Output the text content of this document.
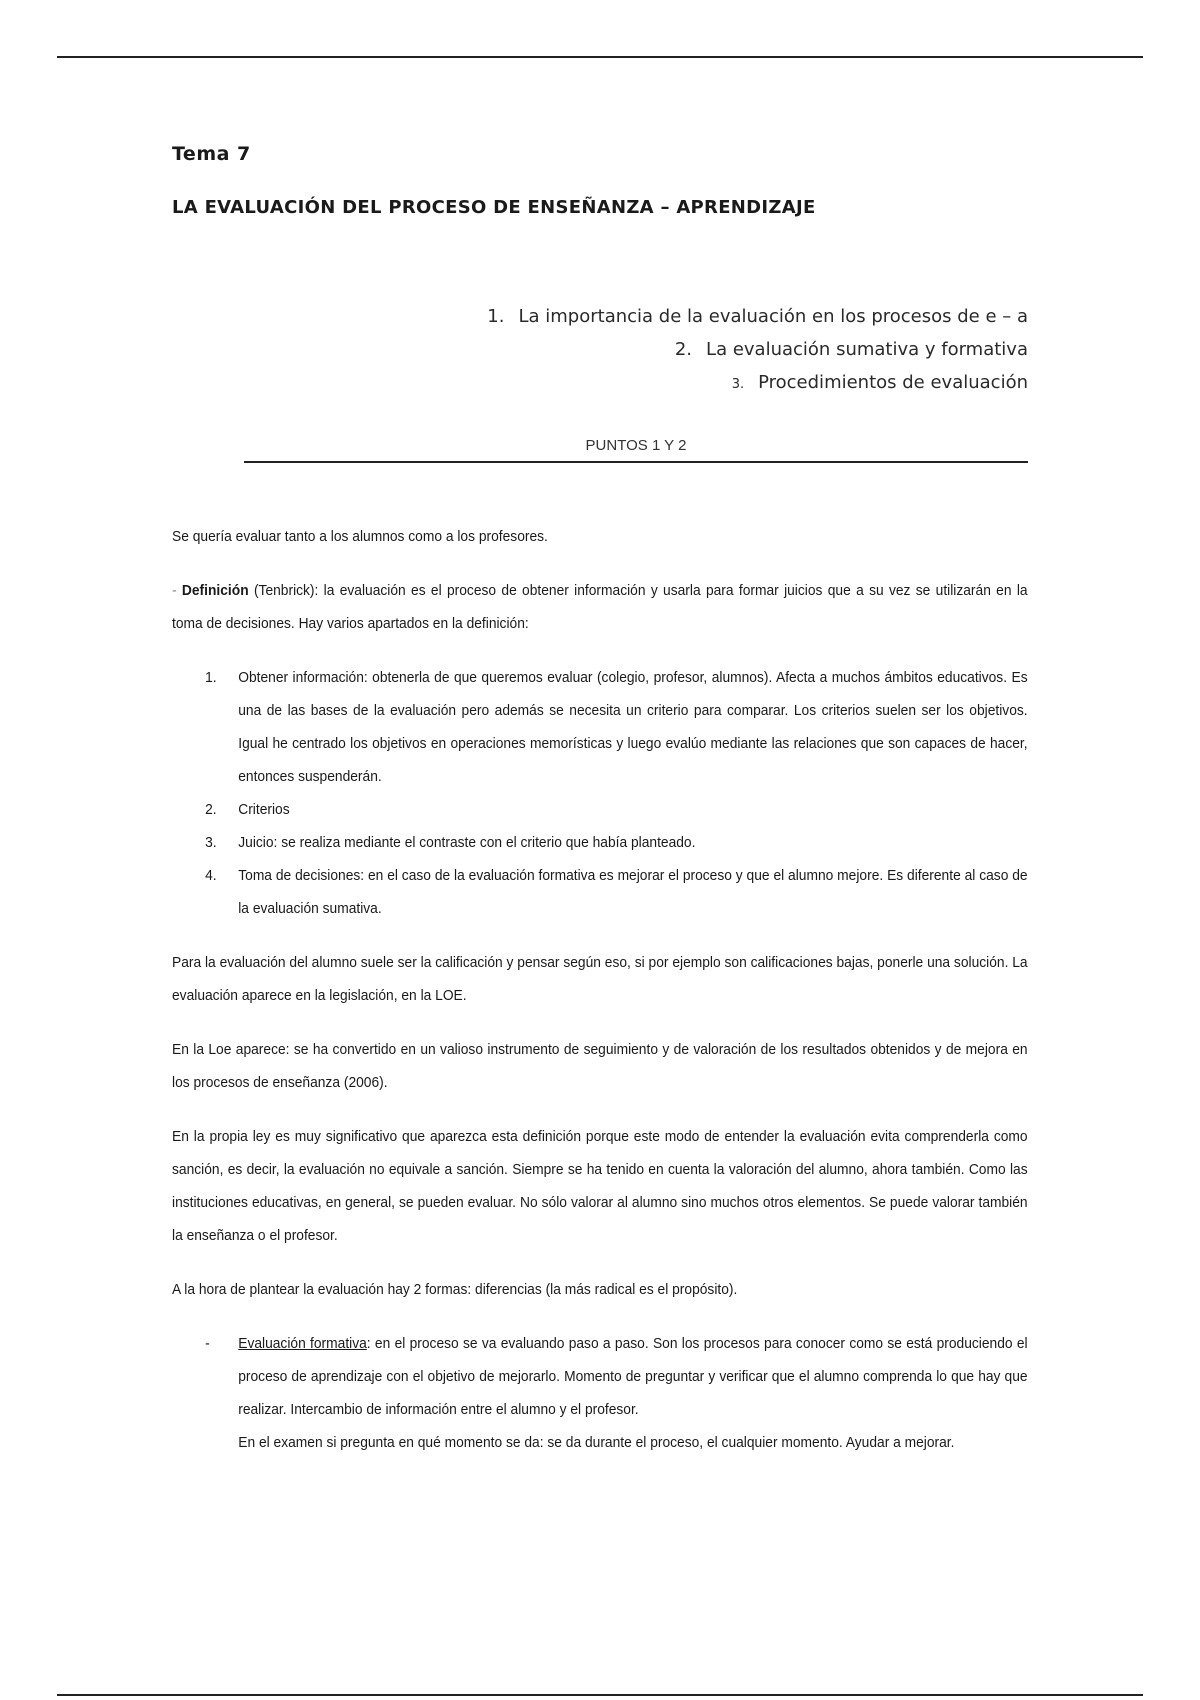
Tema 7
LA EVALUACIÓN DEL PROCESO DE ENSEÑANZA – APRENDIZAJE
1. La importancia de la evaluación en los procesos de e – a
2. La evaluación sumativa y formativa
3. Procedimientos de evaluación
PUNTOS 1 Y 2

Se quería evaluar tanto a los alumnos como a los profesores.

- Definición (Tenbrick): la evaluación es el proceso de obtener información y usarla para formar juicios que a su vez se utilizarán en la toma de decisiones. Hay varios apartados en la definición:

1. Obtener información: obtenerla de que queremos evaluar (colegio, profesor, alumnos). Afecta a muchos ámbitos educativos. Es una de las bases de la evaluación pero además se necesita un criterio para comparar. Los criterios suelen ser los objetivos. Igual he centrado los objetivos en operaciones memorísticas y luego evalúo mediante las relaciones que son capaces de hacer, entonces suspenderán.
2. Criterios
3. Juicio: se realiza mediante el contraste con el criterio que había planteado.
4. Toma de decisiones: en el caso de la evaluación formativa es mejorar el proceso y que el alumno mejore. Es diferente al caso de la evaluación sumativa.

Para la evaluación del alumno suele ser la calificación y pensar según eso, si por ejemplo son calificaciones bajas, ponerle una solución. La evaluación aparece en la legislación, en la LOE.

En la Loe aparece: se ha convertido en un valioso instrumento de seguimiento y de valoración de los resultados obtenidos y de mejora en los procesos de enseñanza (2006).

En la propia ley es muy significativo que aparezca esta definición porque este modo de entender la evaluación evita comprenderla como sanción, es decir, la evaluación no equivale a sanción. Siempre se ha tenido en cuenta la valoración del alumno, ahora también. Como las instituciones educativas, en general, se pueden evaluar. No sólo valorar al alumno sino muchos otros elementos. Se puede valorar también la enseñanza o el profesor.

A la hora de plantear la evaluación hay 2 formas: diferencias (la más radical es el propósito).

- Evaluación formativa: en el proceso se va evaluando paso a paso. Son los procesos para conocer como se está produciendo el proceso de aprendizaje con el objetivo de mejorarlo. Momento de preguntar y verificar que el alumno comprenda lo que hay que realizar. Intercambio de información entre el alumno y el profesor.
En el examen si pregunta en qué momento se da: se da durante el proceso, el cualquier momento. Ayudar a mejorar.
